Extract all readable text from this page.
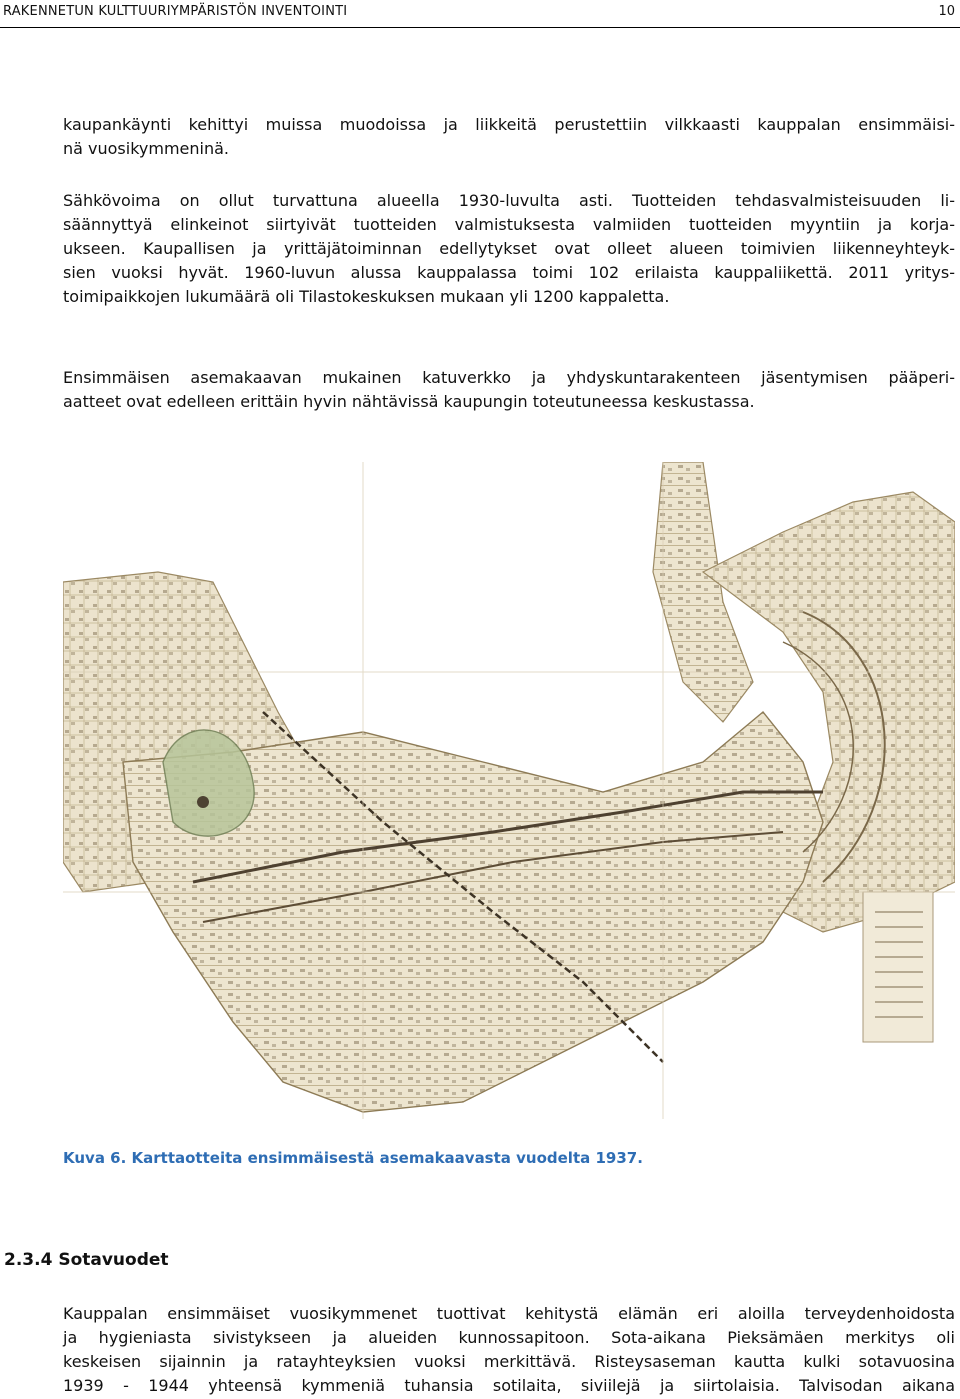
RAKENNETUN KULTTUURIYMPÄRISTÖN INVENTOINTI	10

kaupankäynti kehittyi muissa muodoissa ja liikkeitä perustettiin vilkkaasti kauppalan ensimmäisi-
nä vuosikymmeninä.

Sähkövoima on ollut turvattuna alueella 1930-luvulta asti. Tuotteiden tehdasvalmisteisuuden li-
säännyttyä elinkeinot siirtyivät tuotteiden valmistuksesta valmiiden tuotteiden myyntiin ja korja-
ukseen. Kaupallisen ja yrittäjätoiminnan edellytykset ovat olleet alueen toimivien liikenneyhteyk-
sien vuoksi hyvät. 1960-luvun alussa kauppalassa toimi 102 erilaista kauppaliikettä. 2011 yritys-
toimipaikkojen lukumäärä oli Tilastokeskuksen mukaan yli 1200 kappaletta.

Ensimmäisen asemakaavan mukainen katuverkko ja yhdyskuntarakenteen jäsentymisen pääperi-
aatteet ovat edelleen erittäin hyvin nähtävissä kaupungin toteutuneessa keskustassa.

Kuva 6. Karttaotteita ensimmäisestä asemakaavasta vuodelta 1937.
2.3.4 Sotavuodet

Kauppalan ensimmäiset vuosikymmenet tuottivat kehitystä elämän eri aloilla terveydenhoidosta
ja hygieniasta sivistykseen ja alueiden kunnossapitoon. Sota-aikana Pieksämäen merkitys oli
keskeisen sijainnin ja ratayhteyksien vuoksi merkittävä. Risteysaseman kautta kulki sotavuosina
1939 - 1944 yhteensä kymmeniä tuhansia sotilaita, siviilejä ja siirtolaisia. Talvisodan aikana
